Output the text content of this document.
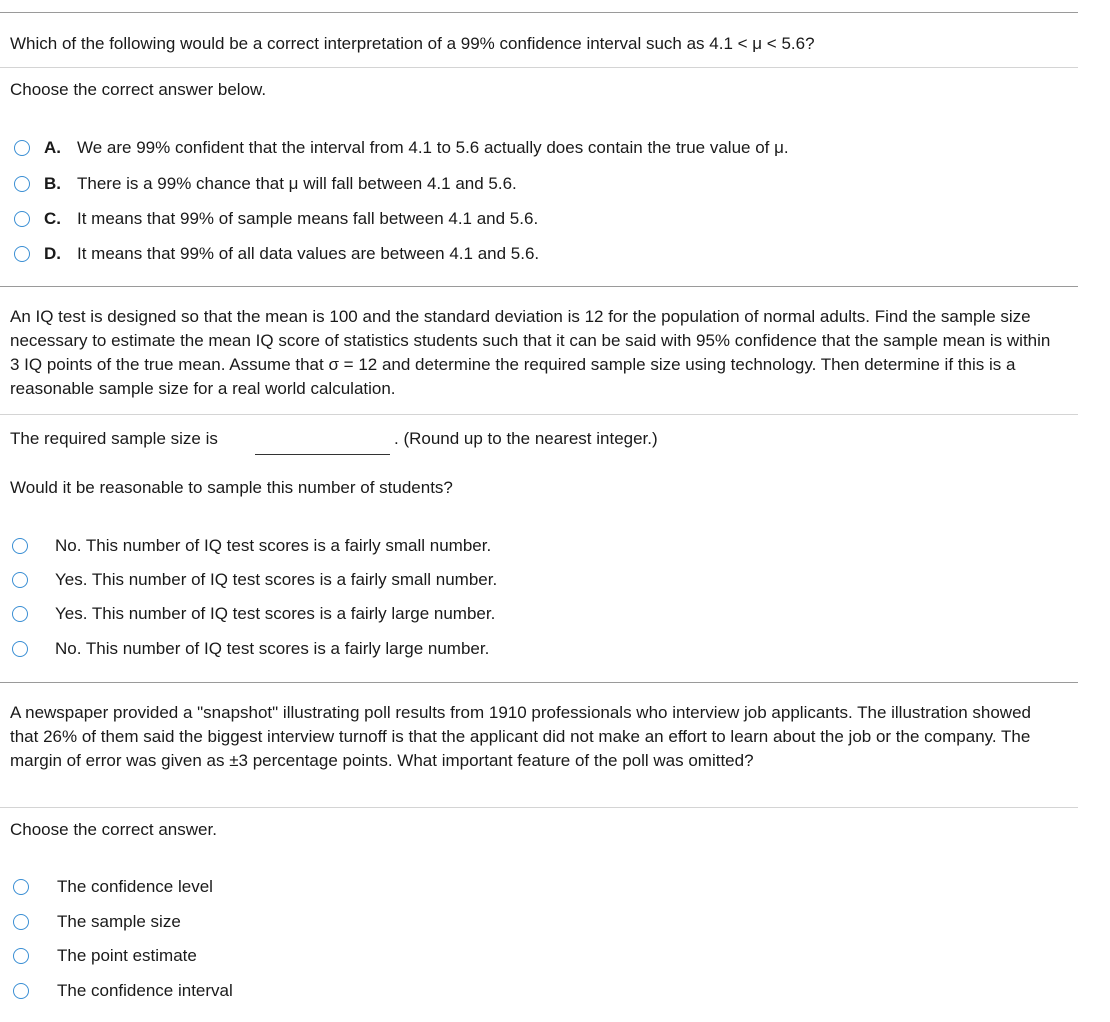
Which of the following would be a correct interpretation of a 99% confidence interval such as 4.1 < μ < 5.6?
Choose the correct answer below.
A. We are 99% confident that the interval from 4.1 to 5.6 actually does contain the true value of μ.
B. There is a 99% chance that μ will fall between 4.1 and 5.6.
C. It means that 99% of sample means fall between 4.1 and 5.6.
D. It means that 99% of all data values are between 4.1 and 5.6.
An IQ test is designed so that the mean is 100 and the standard deviation is 12 for the population of normal adults. Find the sample size necessary to estimate the mean IQ score of statistics students such that it can be said with 95% confidence that the sample mean is within 3 IQ points of the true mean. Assume that σ = 12 and determine the required sample size using technology. Then determine if this is a reasonable sample size for a real world calculation.
The required sample size is	. (Round up to the nearest integer.)
Would it be reasonable to sample this number of students?
No. This number of IQ test scores is a fairly small number.
Yes. This number of IQ test scores is a fairly small number.
Yes. This number of IQ test scores is a fairly large number.
No. This number of IQ test scores is a fairly large number.
A newspaper provided a "snapshot" illustrating poll results from 1910 professionals who interview job applicants. The illustration showed that 26% of them said the biggest interview turnoff is that the applicant did not make an effort to learn about the job or the company. The margin of error was given as ±3 percentage points. What important feature of the poll was omitted?
Choose the correct answer.
The confidence level
The sample size
The point estimate
The confidence interval
